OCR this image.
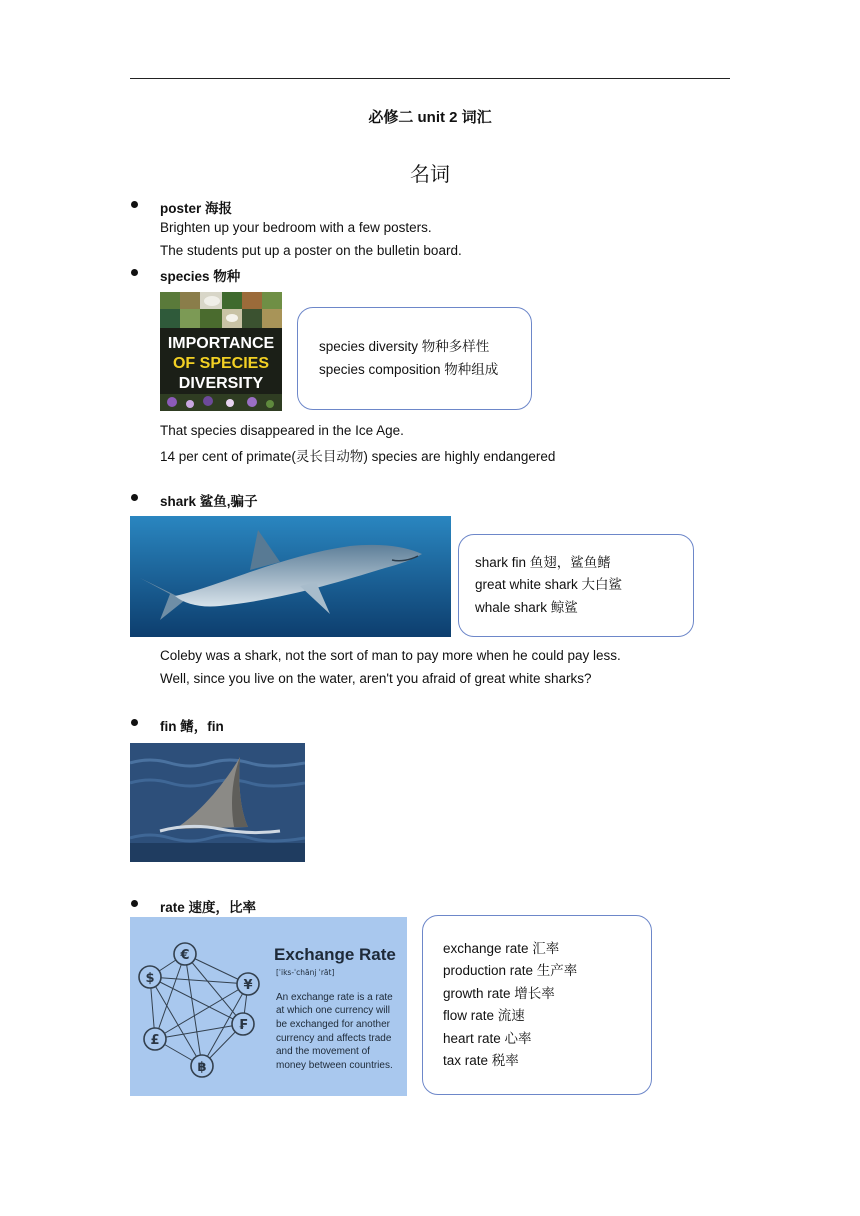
必修二 unit 2 词汇
名词
poster 海报
Brighten up your bedroom with a few posters.
The students put up a poster on the bulletin board.
species 物种
IMPORTANCE
OF SPECIES
DIVERSITY
species diversity 物种多样性
species composition 物种组成
That species disappeared in the Ice Age.
14 per cent of primate(灵长目动物) species are highly endangered
shark 鲨鱼,骗子
shark fin 鱼翅，鲨鱼鳍
great white shark 大白鲨
whale shark 鲸鲨
Coleby was a shark, not the sort of man to pay more when he could pay less.
Well, since you live on the water, aren't you afraid of great white sharks?
fin 鳍，fin
rate 速度，比率
€
$	¥
£
₣
฿
Exchange Rate
[ˈiks-ˈchānj ˈrāt]
An exchange rate is a rate
at which one currency will
be exchanged for another
currency and affects trade
and the movement of
money between countries.
exchange rate 汇率
production rate 生产率
growth rate 增长率
flow rate 流速
heart rate 心率
tax rate 税率
